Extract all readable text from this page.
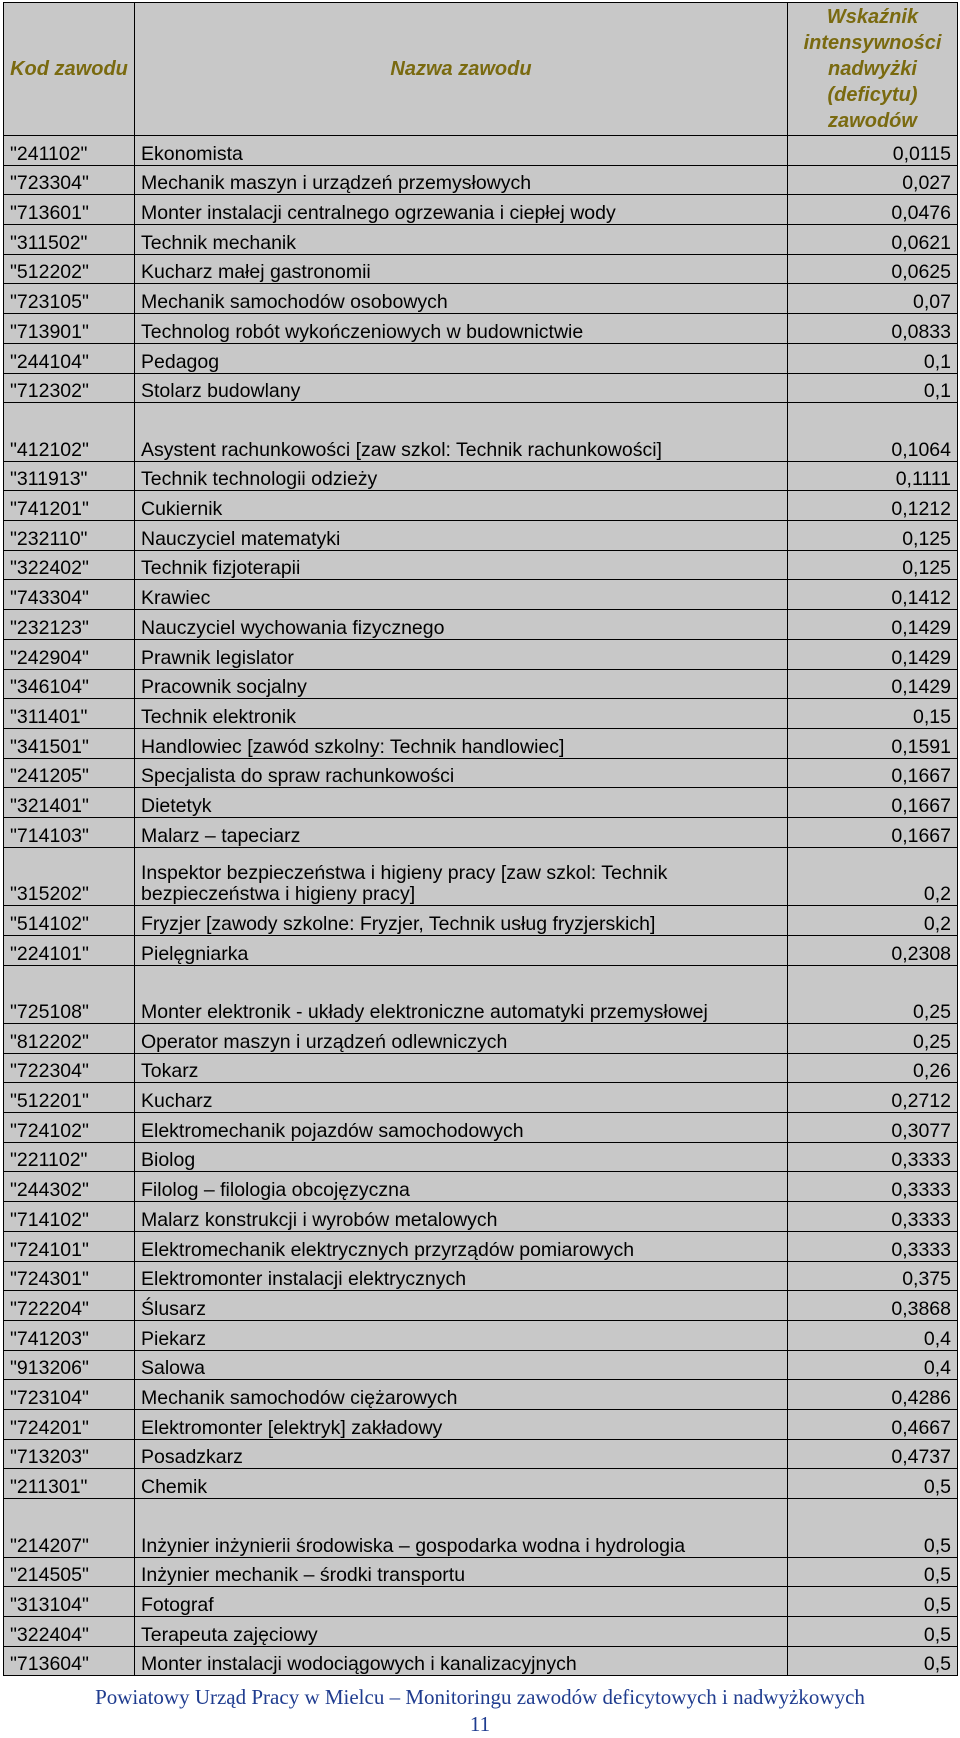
Kod zawodu	Nazwa zawodu	Wskaźnik intensywności nadwyżki (deficytu) zawodów
"241102"	Ekonomista	0,0115
"723304"	Mechanik maszyn i urządzeń przemysłowych	0,027
"713601"	Monter instalacji centralnego ogrzewania i ciepłej wody	0,0476
"311502"	Technik mechanik	0,0621
"512202"	Kucharz małej gastronomii	0,0625
"723105"	Mechanik samochodów osobowych	0,07
"713901"	Technolog robót wykończeniowych w budownictwie	0,0833
"244104"	Pedagog	0,1
"712302"	Stolarz budowlany	0,1
"412102"	Asystent rachunkowości [zaw szkol: Technik rachunkowości]	0,1064
"311913"	Technik technologii odzieży	0,1111
"741201"	Cukiernik	0,1212
"232110"	Nauczyciel matematyki	0,125
"322402"	Technik fizjoterapii	0,125
"743304"	Krawiec	0,1412
"232123"	Nauczyciel wychowania fizycznego	0,1429
"242904"	Prawnik legislator	0,1429
"346104"	Pracownik socjalny	0,1429
"311401"	Technik elektronik	0,15
"341501"	Handlowiec [zawód szkolny: Technik handlowiec]	0,1591
"241205"	Specjalista do spraw rachunkowości	0,1667
"321401"	Dietetyk	0,1667
"714103"	Malarz – tapeciarz	0,1667
"315202"	Inspektor bezpieczeństwa i higieny pracy [zaw szkol: Technik bezpieczeństwa i higieny pracy]	0,2
"514102"	Fryzjer [zawody szkolne: Fryzjer, Technik usług fryzjerskich]	0,2
"224101"	Pielęgniarka	0,2308
"725108"	Monter elektronik - układy elektroniczne automatyki przemysłowej	0,25
"812202"	Operator maszyn i urządzeń odlewniczych	0,25
"722304"	Tokarz	0,26
"512201"	Kucharz	0,2712
"724102"	Elektromechanik pojazdów samochodowych	0,3077
"221102"	Biolog	0,3333
"244302"	Filolog – filologia obcojęzyczna	0,3333
"714102"	Malarz konstrukcji i wyrobów metalowych	0,3333
"724101"	Elektromechanik elektrycznych przyrządów pomiarowych	0,3333
"724301"	Elektromonter instalacji elektrycznych	0,375
"722204"	Ślusarz	0,3868
"741203"	Piekarz	0,4
"913206"	Salowa	0,4
"723104"	Mechanik samochodów ciężarowych	0,4286
"724201"	Elektromonter [elektryk] zakładowy	0,4667
"713203"	Posadzkarz	0,4737
"211301"	Chemik	0,5
"214207"	Inżynier inżynierii środowiska – gospodarka wodna i hydrologia	0,5
"214505"	Inżynier mechanik – środki transportu	0,5
"313104"	Fotograf	0,5
"322404"	Terapeuta zajęciowy	0,5
"713604"	Monter instalacji wodociągowych i kanalizacyjnych	0,5
Powiatowy Urząd Pracy w Mielcu – Monitoringu zawodów deficytowych i nadwyżkowych
11
